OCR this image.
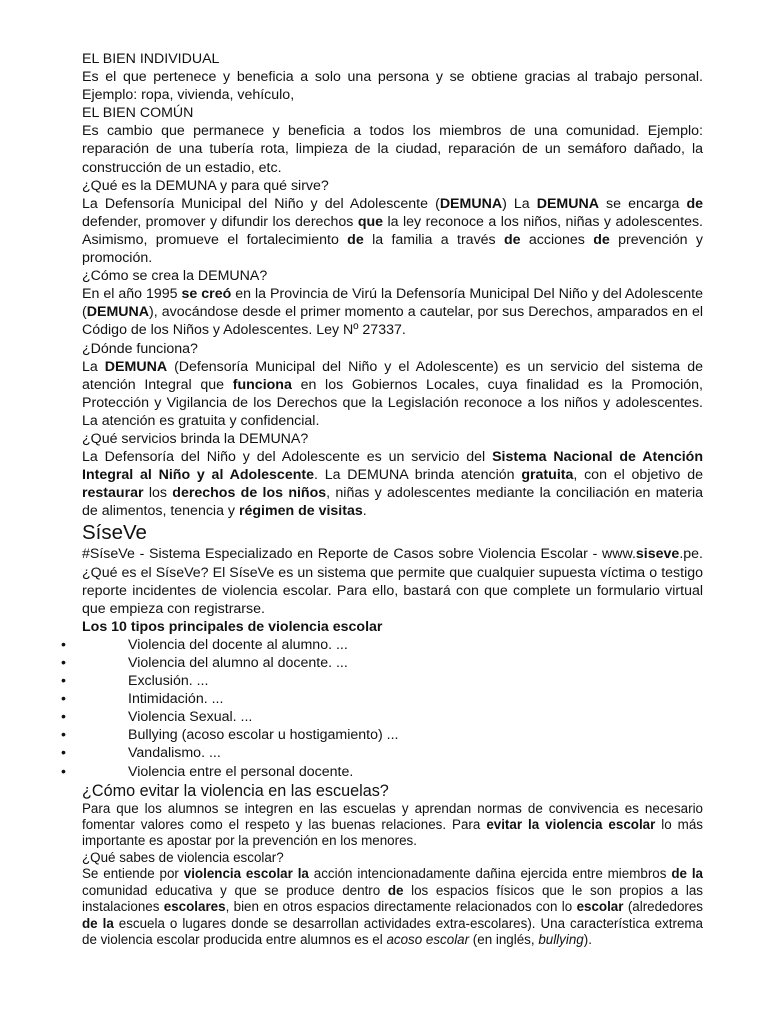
EL BIEN INDIVIDUAL

Es el que pertenece y beneficia a solo una persona y se obtiene gracias al trabajo personal. Ejemplo: ropa, vivienda, vehículo,

EL BIEN COMÚN

Es cambio que permanece y beneficia a todos los miembros de una comunidad. Ejemplo: reparación de una tubería rota, limpieza de la ciudad, reparación de un semáforo dañado, la construcción de un estadio, etc.

¿Qué es la DEMUNA y para qué sirve?

La Defensoría Municipal del Niño y del Adolescente (DEMUNA) La DEMUNA se encarga de defender, promover y difundir los derechos que la ley reconoce a los niños, niñas y adolescentes. Asimismo, promueve el fortalecimiento de la familia a través de acciones de prevención y promoción.

¿Cómo se crea la DEMUNA?

En el año 1995 se creó en la Provincia de Virú la Defensoría Municipal Del Niño y del Adolescente (DEMUNA), avocándose desde el primer momento a cautelar, por sus Derechos, amparados en el Código de los Niños y Adolescentes. Ley Nº 27337.

¿Dónde funciona?

La DEMUNA (Defensoría Municipal del Niño y el Adolescente) es un servicio del sistema de atención Integral que funciona en los Gobiernos Locales, cuya finalidad es la Promoción, Protección y Vigilancia de los Derechos que la Legislación reconoce a los niños y adolescentes. La atención es gratuita y confidencial.

¿Qué servicios brinda la DEMUNA?

La Defensoría del Niño y del Adolescente es un servicio del Sistema Nacional de Atención Integral al Niño y al Adolescente. La DEMUNA brinda atención gratuita, con el objetivo de restaurar los derechos de los niños, niñas y adolescentes mediante la conciliación en materia de alimentos, tenencia y régimen de visitas.

SíseVe

#SíseVe - Sistema Especializado en Reporte de Casos sobre Violencia Escolar - www.siseve.pe. ¿Qué es el SíseVe? El SíseVe es un sistema que permite que cualquier supuesta víctima o testigo reporte incidentes de violencia escolar. Para ello, bastará con que complete un formulario virtual que empieza con registrarse.

Los 10 tipos principales de violencia escolar

•	Violencia del docente al alumno. ...
•	Violencia del alumno al docente. ...
•	Exclusión. ...
•	Intimidación. ...
•	Violencia Sexual. ...
•	Bullying (acoso escolar u hostigamiento) ...
•	Vandalismo. ...
•	Violencia entre el personal docente.
¿Cómo evitar la violencia en las escuelas?

Para que los alumnos se integren en las escuelas y aprendan normas de convivencia es necesario fomentar valores como el respeto y las buenas relaciones. Para evitar la violencia escolar lo más importante es apostar por la prevención en los menores.

¿Qué sabes de violencia escolar?

Se entiende por violencia escolar la acción intencionadamente dañina ejercida entre miembros de la comunidad educativa y que se produce dentro de los espacios físicos que le son propios a las instalaciones escolares, bien en otros espacios directamente relacionados con lo escolar (alrededores de la escuela o lugares donde se desarrollan actividades extra-escolares). Una característica extrema de violencia escolar producida entre alumnos es el acoso escolar (en inglés, bullying).
